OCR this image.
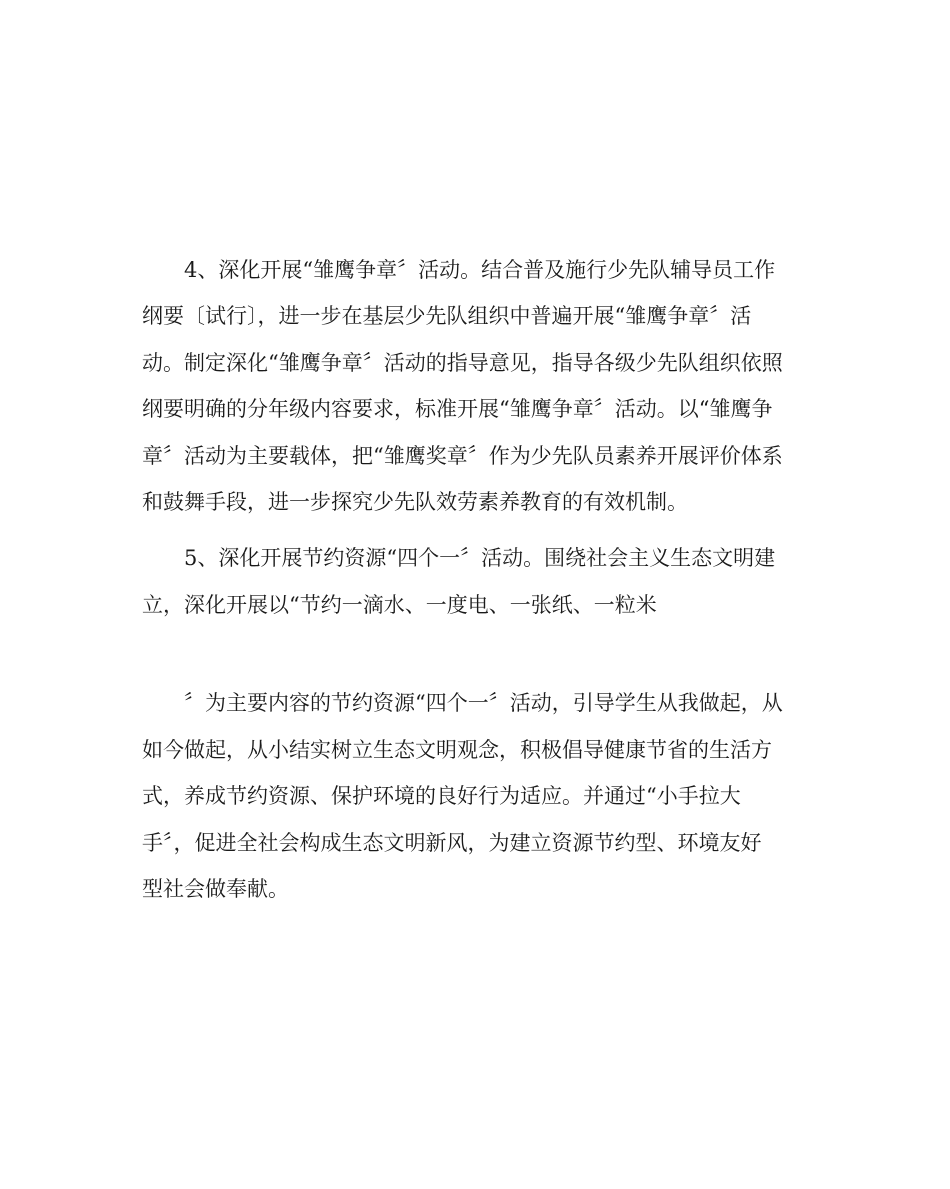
4、深化开展“雏鹰争章〞活动。结合普及施行少先队辅导员工作
纲要〔试行〕，进一步在基层少先队组织中普遍开展“雏鹰争章〞活
动。制定深化“雏鹰争章〞活动的指导意见，指导各级少先队组织依照
纲要明确的分年级内容要求，标准开展“雏鹰争章〞活动。以“雏鹰争
章〞活动为主要载体，把“雏鹰奖章〞作为少先队员素养开展评价体系
和鼓舞手段，进一步探究少先队效劳素养教育的有效机制。
5、深化开展节约资源“四个一〞活动。围绕社会主义生态文明建
立，深化开展以“节约一滴水、一度电、一张纸、一粒米
〞为主要内容的节约资源“四个一〞活动，引导学生从我做起，从
如今做起，从小结实树立生态文明观念，积极倡导健康节省的生活方
式，养成节约资源、保护环境的良好行为适应。并通过“小手拉大
手〞，促进全社会构成生态文明新风，为建立资源节约型、环境友好
型社会做奉献。
